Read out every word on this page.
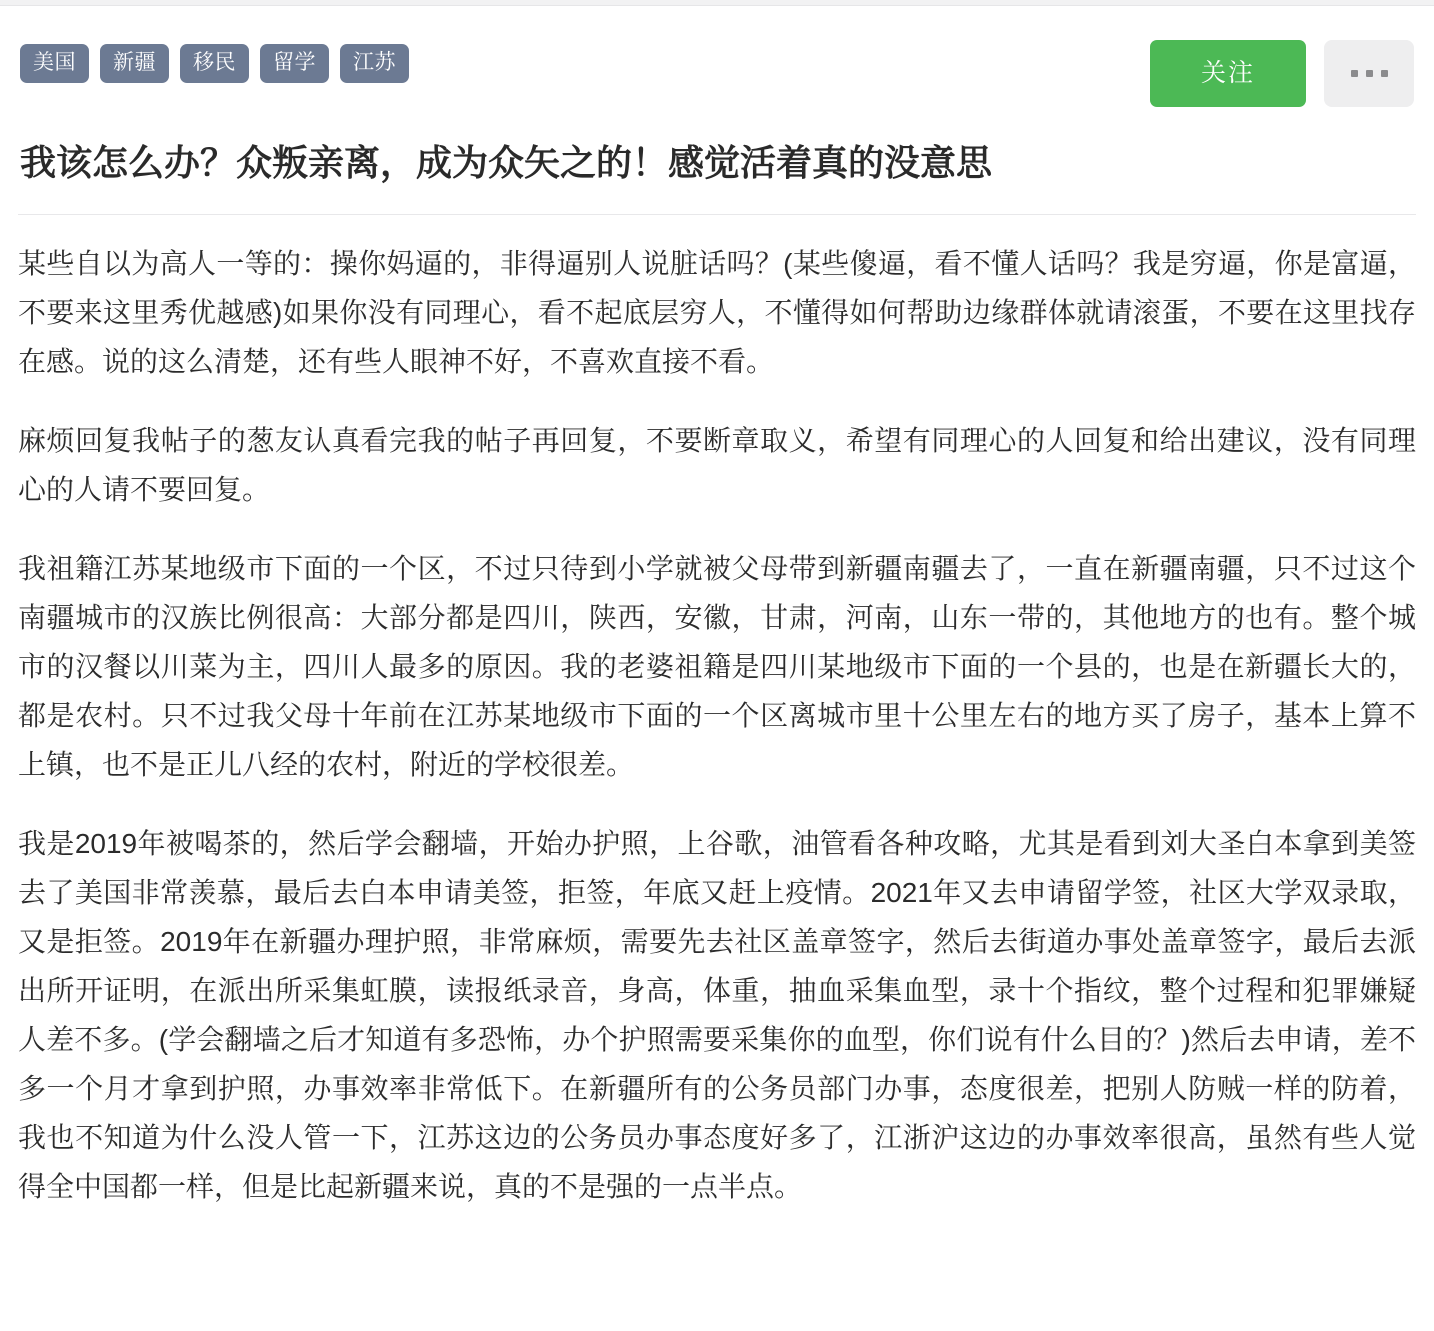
美国	新疆	移民	留学	江苏	关注
我该怎么办？众叛亲离，成为众矢之的！感觉活着真的没意思

某些自以为高人一等的：操你妈逼的，非得逼别人说脏话吗？(某些傻逼，看不懂人话吗？我是穷逼，你是富逼，不要来这里秀优越感)如果你没有同理心，看不起底层穷人，不懂得如何帮助边缘群体就请滚蛋，不要在这里找存在感。说的这么清楚，还有些人眼神不好，不喜欢直接不看。

麻烦回复我帖子的葱友认真看完我的帖子再回复，不要断章取义，希望有同理心的人回复和给出建议，没有同理心的人请不要回复。

我祖籍江苏某地级市下面的一个区，不过只待到小学就被父母带到新疆南疆去了，一直在新疆南疆，只不过这个南疆城市的汉族比例很高：大部分都是四川，陕西，安徽，甘肃，河南，山东一带的，其他地方的也有。整个城市的汉餐以川菜为主，四川人最多的原因。我的老婆祖籍是四川某地级市下面的一个县的，也是在新疆长大的，都是农村。只不过我父母十年前在江苏某地级市下面的一个区离城市里十公里左右的地方买了房子，基本上算不上镇，也不是正儿八经的农村，附近的学校很差。

我是2019年被喝茶的，然后学会翻墙，开始办护照，上谷歌，油管看各种攻略，尤其是看到刘大圣白本拿到美签去了美国非常羡慕，最后去白本申请美签，拒签，年底又赶上疫情。2021年又去申请留学签，社区大学双录取，又是拒签。2019年在新疆办理护照，非常麻烦，需要先去社区盖章签字，然后去街道办事处盖章签字，最后去派出所开证明，在派出所采集虹膜，读报纸录音，身高，体重，抽血采集血型，录十个指纹，整个过程和犯罪嫌疑人差不多。(学会翻墙之后才知道有多恐怖，办个护照需要采集你的血型，你们说有什么目的？)然后去申请，差不多一个月才拿到护照，办事效率非常低下。在新疆所有的公务员部门办事，态度很差，把别人防贼一样的防着，我也不知道为什么没人管一下，江苏这边的公务员办事态度好多了，江浙沪这边的办事效率很高，虽然有些人觉得全中国都一样，但是比起新疆来说，真的不是强的一点半点。
